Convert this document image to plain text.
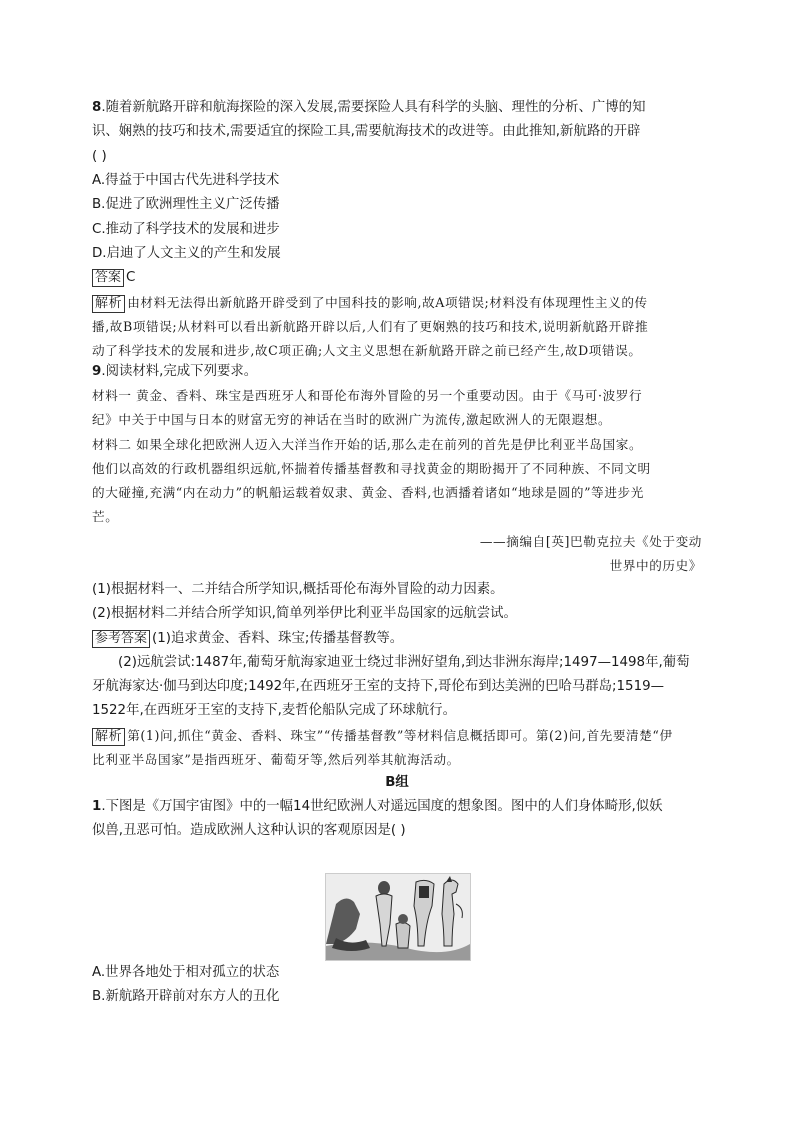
8.随着新航路开辟和航海探险的深入发展,需要探险人具有科学的头脑、理性的分析、广博的知
识、娴熟的技巧和技术,需要适宜的探险工具,需要航海技术的改进等。由此推知,新航路的开辟
( )
A.得益于中国古代先进科学技术
B.促进了欧洲理性主义广泛传播
C.推动了科学技术的发展和进步
D.启迪了人文主义的产生和发展
答案 C
解析 由材料无法得出新航路开辟受到了中国科技的影响,故A项错误;材料没有体现理性主义的传
播,故B项错误;从材料可以看出新航路开辟以后,人们有了更娴熟的技巧和技术,说明新航路开辟推
动了科学技术的发展和进步,故C项正确;人文主义思想在新航路开辟之前已经产生,故D项错误。
9.阅读材料,完成下列要求。
材料一 黄金、香料、珠宝是西班牙人和哥伦布海外冒险的另一个重要动因。由于《马可·波罗行
纪》中关于中国与日本的财富无穷的神话在当时的欧洲广为流传,激起欧洲人的无限遐想。
材料二 如果全球化把欧洲人迈入大洋当作开始的话,那么走在前列的首先是伊比利亚半岛国家。
他们以高效的行政机器组织远航,怀揣着传播基督教和寻找黄金的期盼揭开了不同种族、不同文明
的大碰撞,充满“内在动力”的帆船运载着奴隶、黄金、香料,也洒播着诸如“地球是圆的”等进步光
芒。
——摘编自[英]巴勒克拉夫《处于变动
世界中的历史》
(1)根据材料一、二并结合所学知识,概括哥伦布海外冒险的动力因素。
(2)根据材料二并结合所学知识,简单列举伊比利亚半岛国家的远航尝试。
参考答案 (1)追求黄金、香料、珠宝;传播基督教等。
(2)远航尝试:1487年,葡萄牙航海家迪亚士绕过非洲好望角,到达非洲东海岸;1497—1498年,葡萄
牙航海家达·伽马到达印度;1492年,在西班牙王室的支持下,哥伦布到达美洲的巴哈马群岛;1519—
1522年,在西班牙王室的支持下,麦哲伦船队完成了环球航行。
解析 第(1)问,抓住“黄金、香料、珠宝”“传播基督教”等材料信息概括即可。第(2)问,首先要清楚“伊
比利亚半岛国家”是指西班牙、葡萄牙等,然后列举其航海活动。
B组
1.下图是《万国宇宙图》中的一幅14世纪欧洲人对遥远国度的想象图。图中的人们身体畸形,似妖
似兽,丑恶可怕。造成欧洲人这种认识的客观原因是( )
A.世界各地处于相对孤立的状态
B.新航路开辟前对东方人的丑化
